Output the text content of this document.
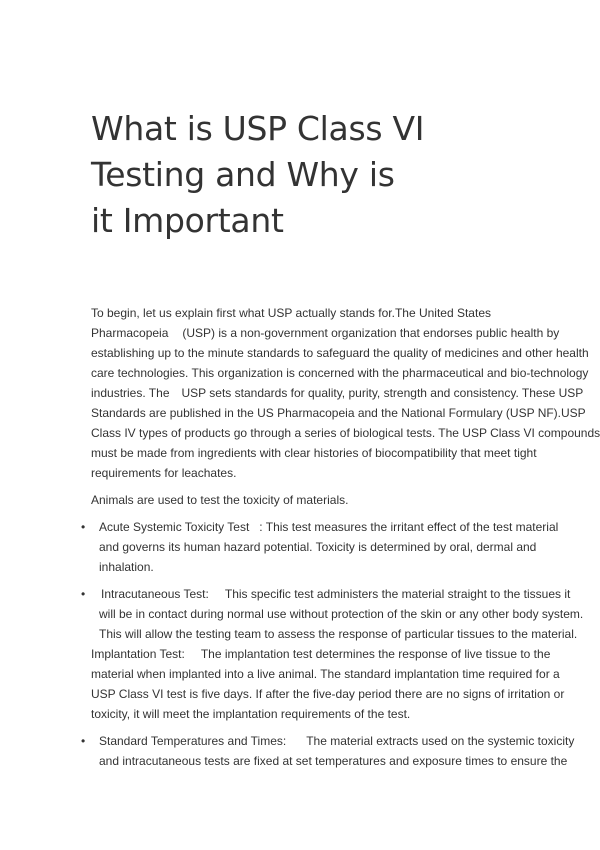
What is USP Class VI
Testing and Why is
it Important
To begin, let us explain first what USP actually stands for.The United States
Pharmacopeia (USP) is a non-government organization that endorses public health by
establishing up to the minute standards to safeguard the quality of medicines and other health
care technologies. This organization is concerned with the pharmaceutical and bio-technology
industries. The USP sets standards for quality, purity, strength and consistency. These USP
Standards are published in the US Pharmacopeia and the National Formulary (USP NF).USP
Class IV types of products go through a series of biological tests. The USP Class VI compounds
must be made from ingredients with clear histories of biocompatibility that meet tight
requirements for leachates.
Animals are used to test the toxicity of materials.
• Acute Systemic Toxicity Test : This test measures the irritant effect of the test material
and governs its human hazard potential. Toxicity is determined by oral, dermal and
inhalation.
• Intracutaneous Test: This specific test administers the material straight to the tissues it
will be in contact during normal use without protection of the skin or any other body system.
This will allow the testing team to assess the response of particular tissues to the material.
Implantation Test: The implantation test determines the response of live tissue to the
material when implanted into a live animal. The standard implantation time required for a
USP Class VI test is five days. If after the five-day period there are no signs of irritation or
toxicity, it will meet the implantation requirements of the test.
• Standard Temperatures and Times: The material extracts used on the systemic toxicity
and intracutaneous tests are fixed at set temperatures and exposure times to ensure the
